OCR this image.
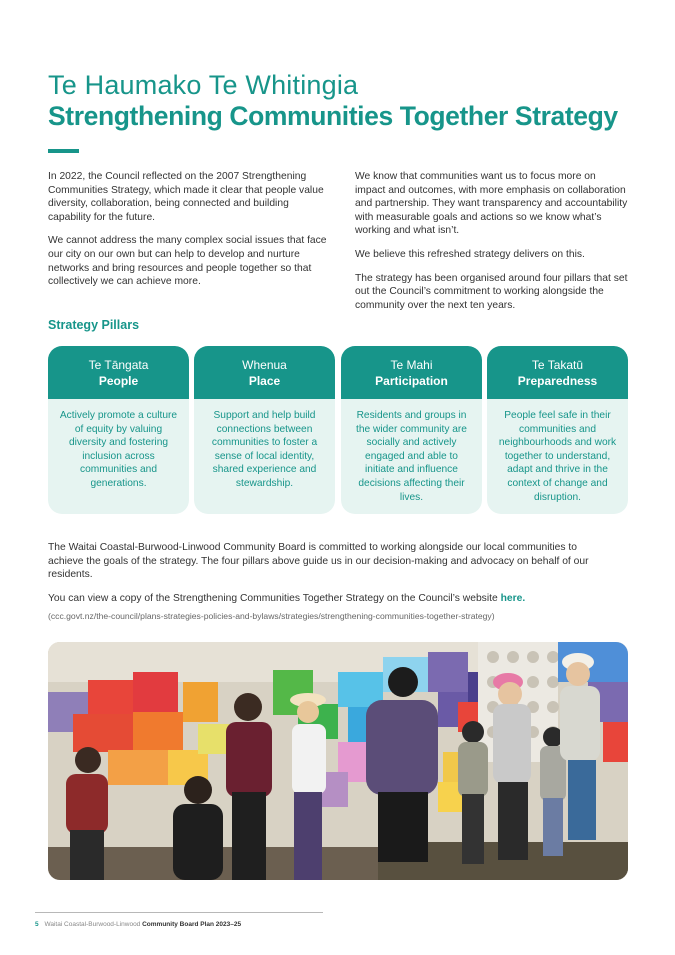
Te Haumako Te Whitingia
Strengthening Communities Together Strategy

In 2022, the Council reflected on the 2007 Strengthening Communities Strategy, which made it clear that people value diversity, collaboration, being connected and building capability for the future.

We cannot address the many complex social issues that face our city on our own but can help to develop and nurture networks and bring resources and people together so that collectively we can achieve more.

We know that communities want us to focus more on impact and outcomes, with more emphasis on collaboration and partnership. They want transparency and accountability with measurable goals and actions so we know what’s working and what isn’t.

We believe this refreshed strategy delivers on this.

The strategy has been organised around four pillars that set out the Council’s commitment to working alongside the community over the next ten years.

Strategy Pillars
Te Tāngata
People
Actively promote a culture of equity by valuing diversity and fostering inclusion across communities and generations.
Whenua
Place
Support and help build connections between communities to foster a sense of local identity, shared experience and stewardship.
Te Mahi
Participation
Residents and groups in the wider community are socially and actively engaged and able to initiate and influence decisions affecting their lives.
Te Takatū
Preparedness
People feel safe in their communities and neighbourhoods and work together to understand, adapt and thrive in the context of change and disruption.

The Waitai Coastal-Burwood-Linwood Community Board is committed to working alongside our local communities to achieve the goals of the strategy. The four pillars above guide us in our decision-making and advocacy on behalf of our residents.

You can view a copy of the Strengthening Communities Together Strategy on the Council’s website here.

(ccc.govt.nz/the-council/plans-strategies-policies-and-bylaws/strategies/strengthening-communities-together-strategy)

5 Waitai Coastal-Burwood-Linwood Community Board Plan 2023–25
